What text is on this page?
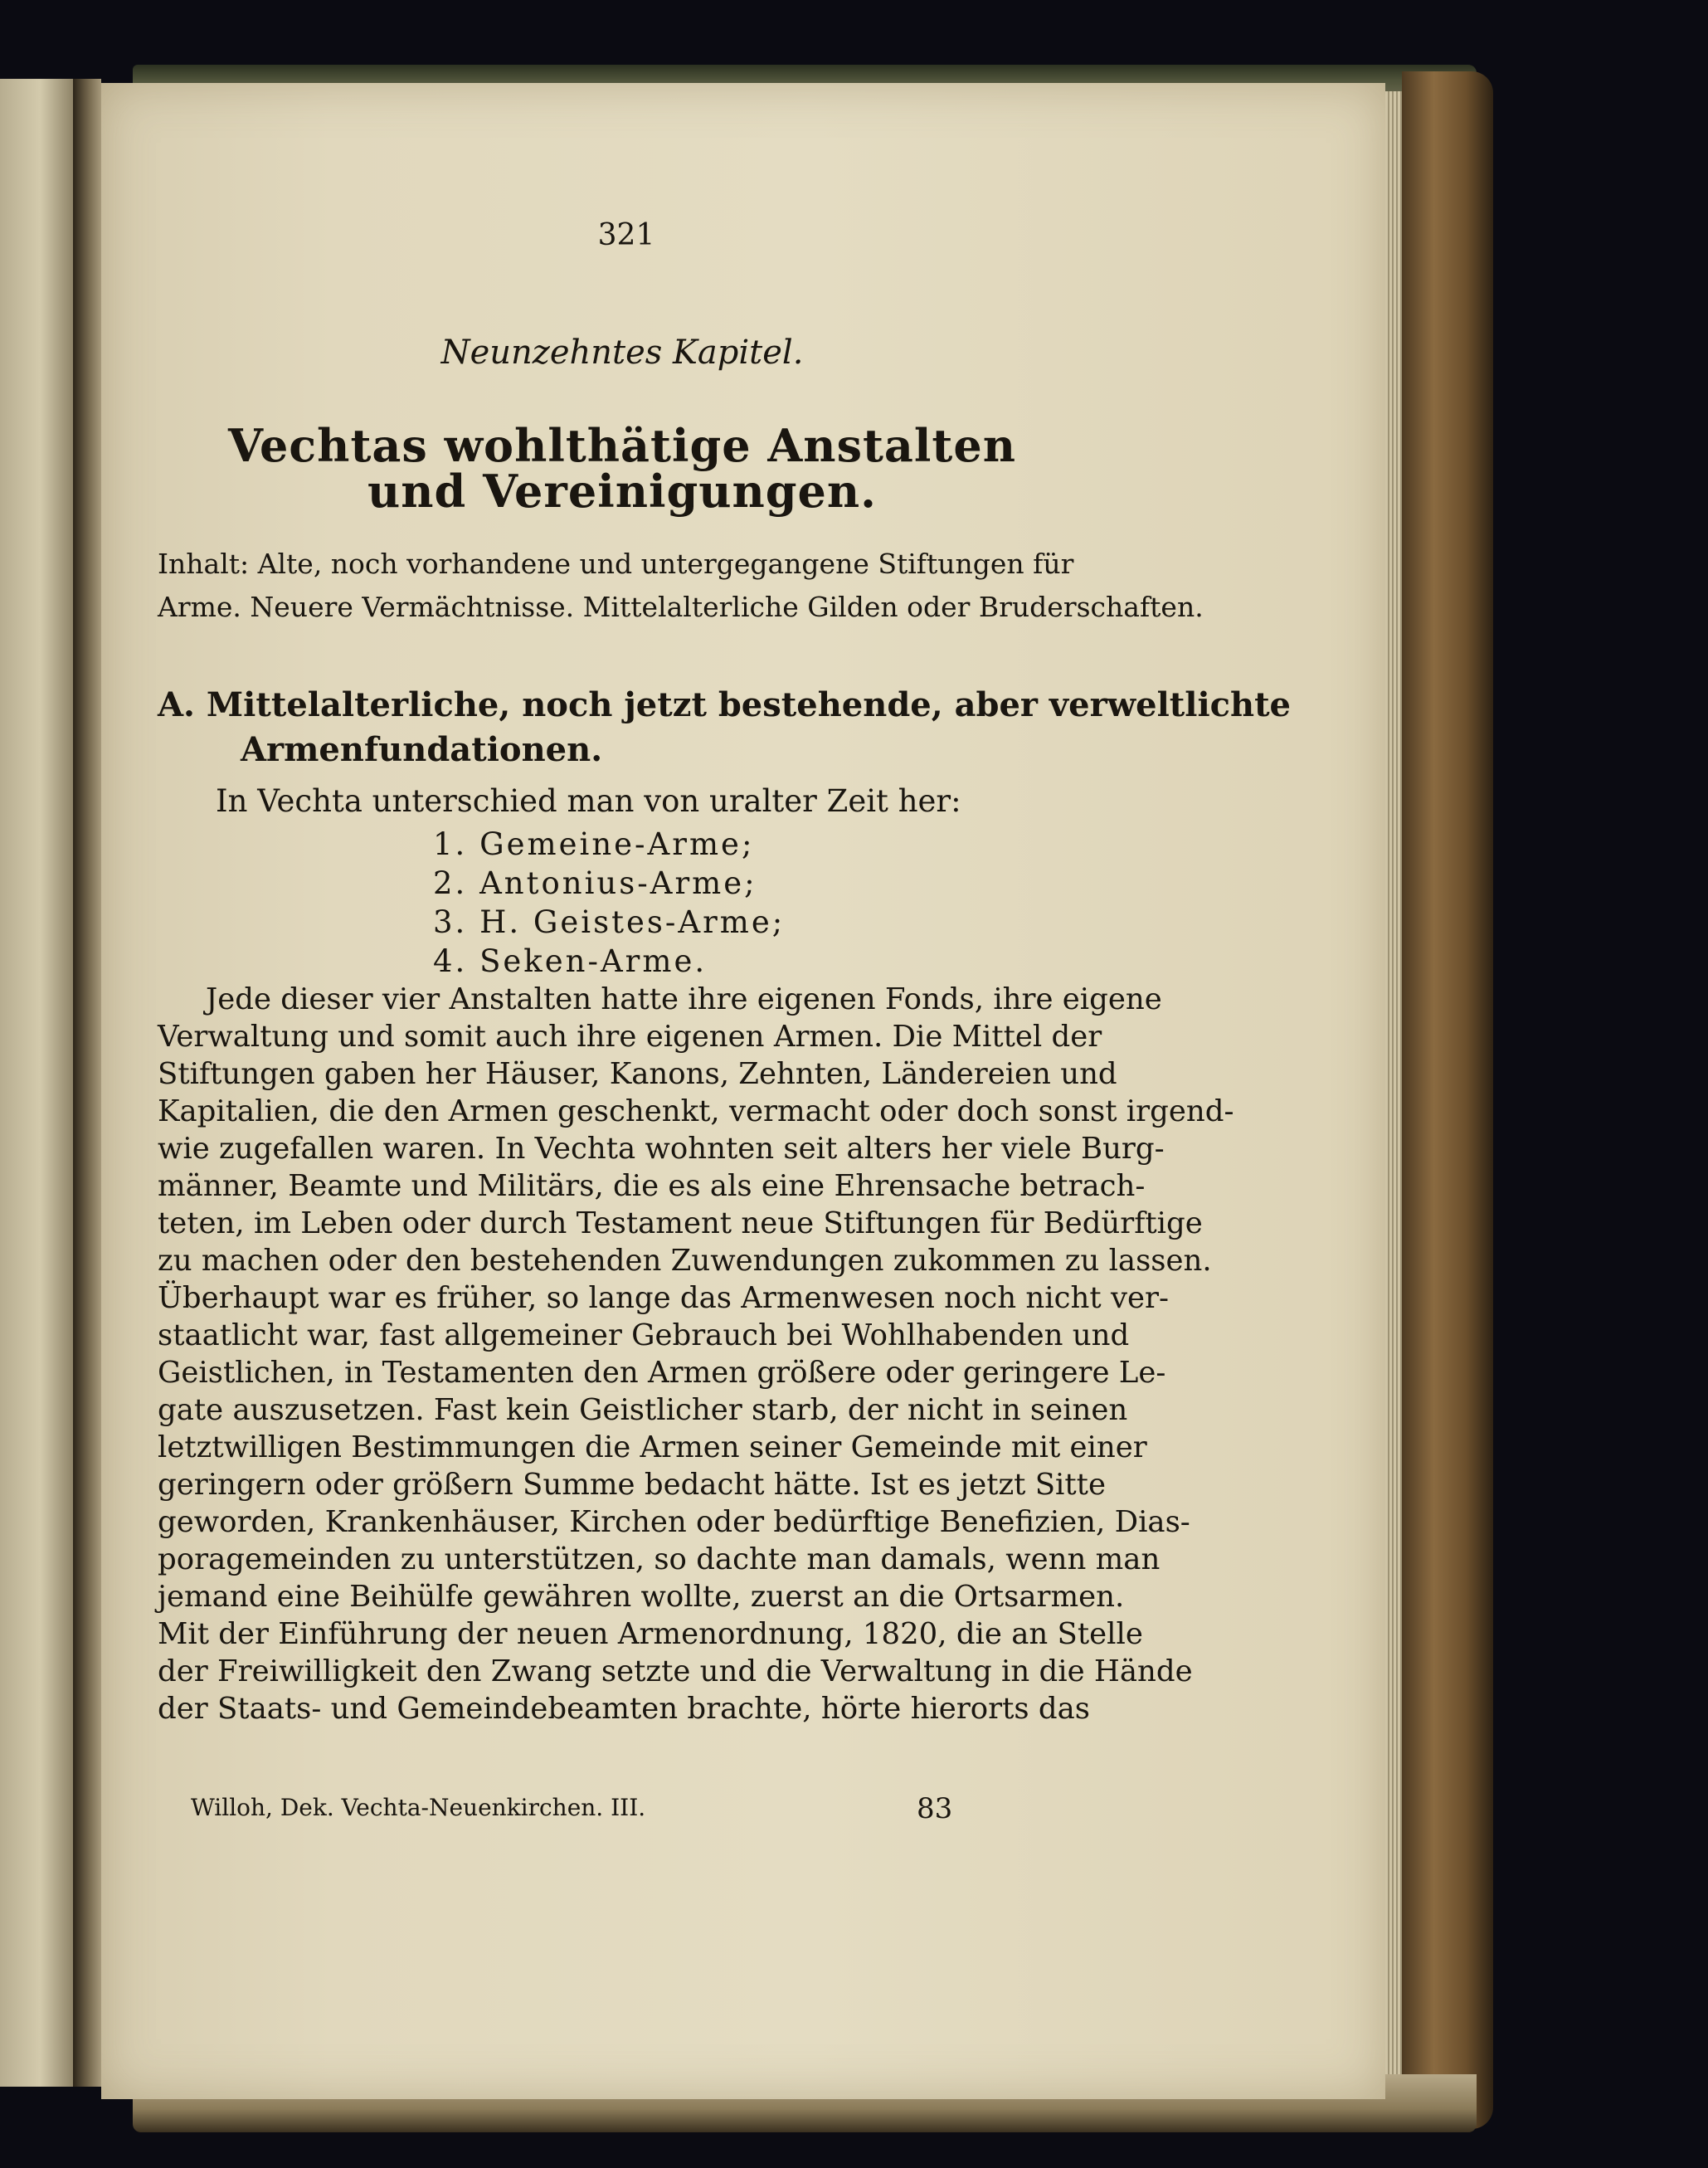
321
Neunzehntes Kapitel.
Vechtas wohlthätige Anstalten
und Vereinigungen.
Inhalt: Alte, noch vorhandene und untergegangene Stiftungen für
Arme. Neuere Vermächtnisse. Mittelalterliche Gilden oder Bruderschaften.
A. Mittelalterliche, noch jetzt bestehende, aber verweltlichte
Armenfundationen.
In Vechta unterschied man von uralter Zeit her:
1. Gemeine-Arme;
2. Antonius-Arme;
3. H. Geistes-Arme;
4. Seken-Arme.
Jede dieser vier Anstalten hatte ihre eigenen Fonds, ihre eigene
Verwaltung und somit auch ihre eigenen Armen. Die Mittel der
Stiftungen gaben her Häuser, Kanons, Zehnten, Ländereien und
Kapitalien, die den Armen geschenkt, vermacht oder doch sonst irgend-
wie zugefallen waren. In Vechta wohnten seit alters her viele Burg-
männer, Beamte und Militärs, die es als eine Ehrensache betrach-
teten, im Leben oder durch Testament neue Stiftungen für Bedürftige
zu machen oder den bestehenden Zuwendungen zukommen zu lassen.
Überhaupt war es früher, so lange das Armenwesen noch nicht ver-
staatlicht war, fast allgemeiner Gebrauch bei Wohlhabenden und
Geistlichen, in Testamenten den Armen größere oder geringere Le-
gate auszusetzen. Fast kein Geistlicher starb, der nicht in seinen
letztwilligen Bestimmungen die Armen seiner Gemeinde mit einer
geringern oder größern Summe bedacht hätte. Ist es jetzt Sitte
geworden, Krankenhäuser, Kirchen oder bedürftige Benefizien, Dias-
poragemeinden zu unterstützen, so dachte man damals, wenn man
jemand eine Beihülfe gewähren wollte, zuerst an die Ortsarmen.
Mit der Einführung der neuen Armenordnung, 1820, die an Stelle
der Freiwilligkeit den Zwang setzte und die Verwaltung in die Hände
der Staats- und Gemeindebeamten brachte, hörte hierorts das
Willoh, Dek. Vechta-Neuenkirchen. III.	83
